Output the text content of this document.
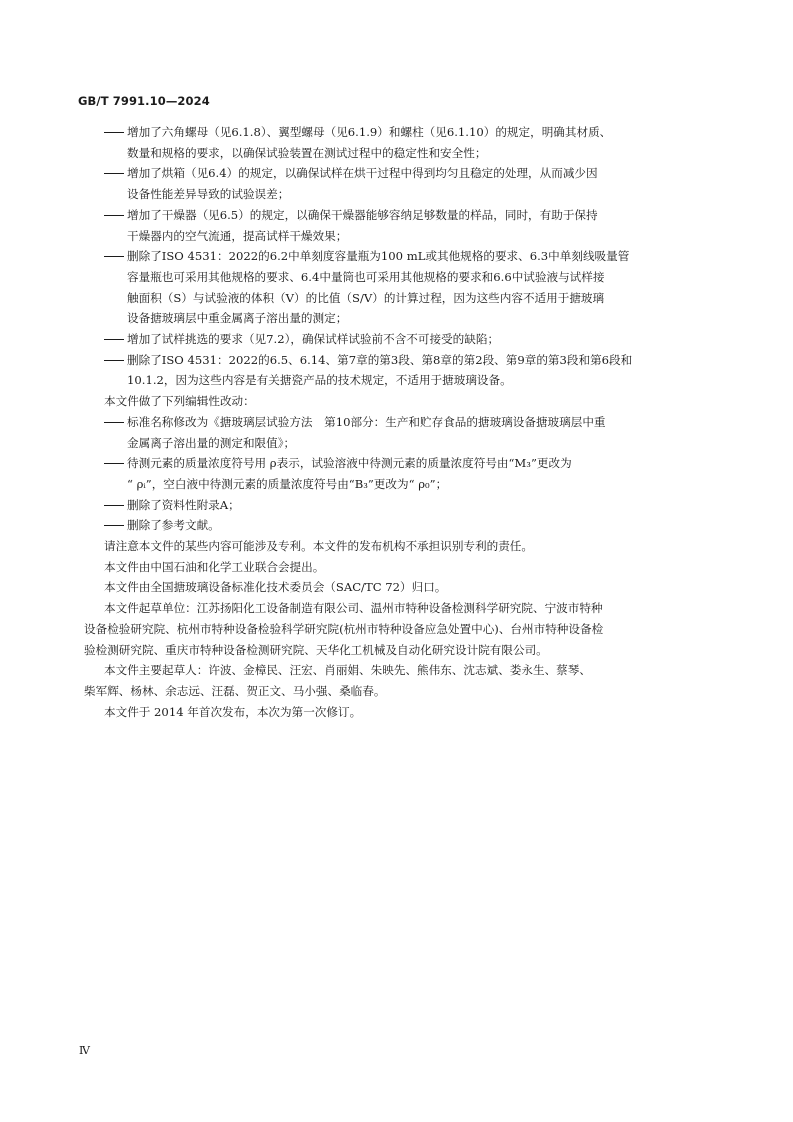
GB/T 7991.10—2024
增加了六角螺母（见6.1.8）、翼型螺母（见6.1.9）和螺柱（见6.1.10）的规定，明确其材质、
数量和规格的要求，以确保试验装置在测试过程中的稳定性和安全性；
增加了烘箱（见6.4）的规定，以确保试样在烘干过程中得到均匀且稳定的处理，从而减少因
设备性能差异导致的试验误差；
增加了干燥器（见6.5）的规定，以确保干燥器能够容纳足够数量的样品，同时，有助于保持
干燥器内的空气流通，提高试样干燥效果；
删除了ISO 4531：2022的6.2中单刻度容量瓶为100 mL或其他规格的要求、6.3中单刻线吸量管
容量瓶也可采用其他规格的要求、6.4中量筒也可采用其他规格的要求和6.6中试验液与试样接
触面积（S）与试验液的体积（V）的比值（S/V）的计算过程，因为这些内容不适用于搪玻璃
设备搪玻璃层中重金属离子溶出量的测定；
增加了试样挑选的要求（见7.2），确保试样试验前不含不可接受的缺陷；
删除了ISO 4531：2022的6.5、6.14、第7章的第3段、第8章的第2段、第9章的第3段和第6段和
10.1.2，因为这些内容是有关搪瓷产品的技术规定，不适用于搪玻璃设备。
本文件做了下列编辑性改动：
标准名称修改为《搪玻璃层试验方法　第10部分：生产和贮存食品的搪玻璃设备搪玻璃层中重
金属离子溶出量的测定和限值》；
待测元素的质量浓度符号用 ρ表示，试验溶液中待测元素的质量浓度符号由“M₃”更改为
“ ρᵢ”，空白液中待测元素的质量浓度符号由“B₃”更改为“ ρ₀”；
删除了资料性附录A；
删除了参考文献。
请注意本文件的某些内容可能涉及专利。本文件的发布机构不承担识别专利的责任。
本文件由中国石油和化学工业联合会提出。
本文件由全国搪玻璃设备标准化技术委员会（SAC/TC 72）归口。
本文件起草单位：江苏扬阳化工设备制造有限公司、温州市特种设备检测科学研究院、宁波市特种
设备检验研究院、杭州市特种设备检验科学研究院(杭州市特种设备应急处置中心)、台州市特种设备检
验检测研究院、重庆市特种设备检测研究院、天华化工机械及自动化研究设计院有限公司。
本文件主要起草人：许波、金樟民、汪宏、肖丽娟、朱映先、熊伟东、沈志斌、娄永生、蔡琴、
柴军辉、杨林、余志远、汪磊、贺正文、马小强、桑临春。
本文件于 2014 年首次发布，本次为第一次修订。
Ⅳ
